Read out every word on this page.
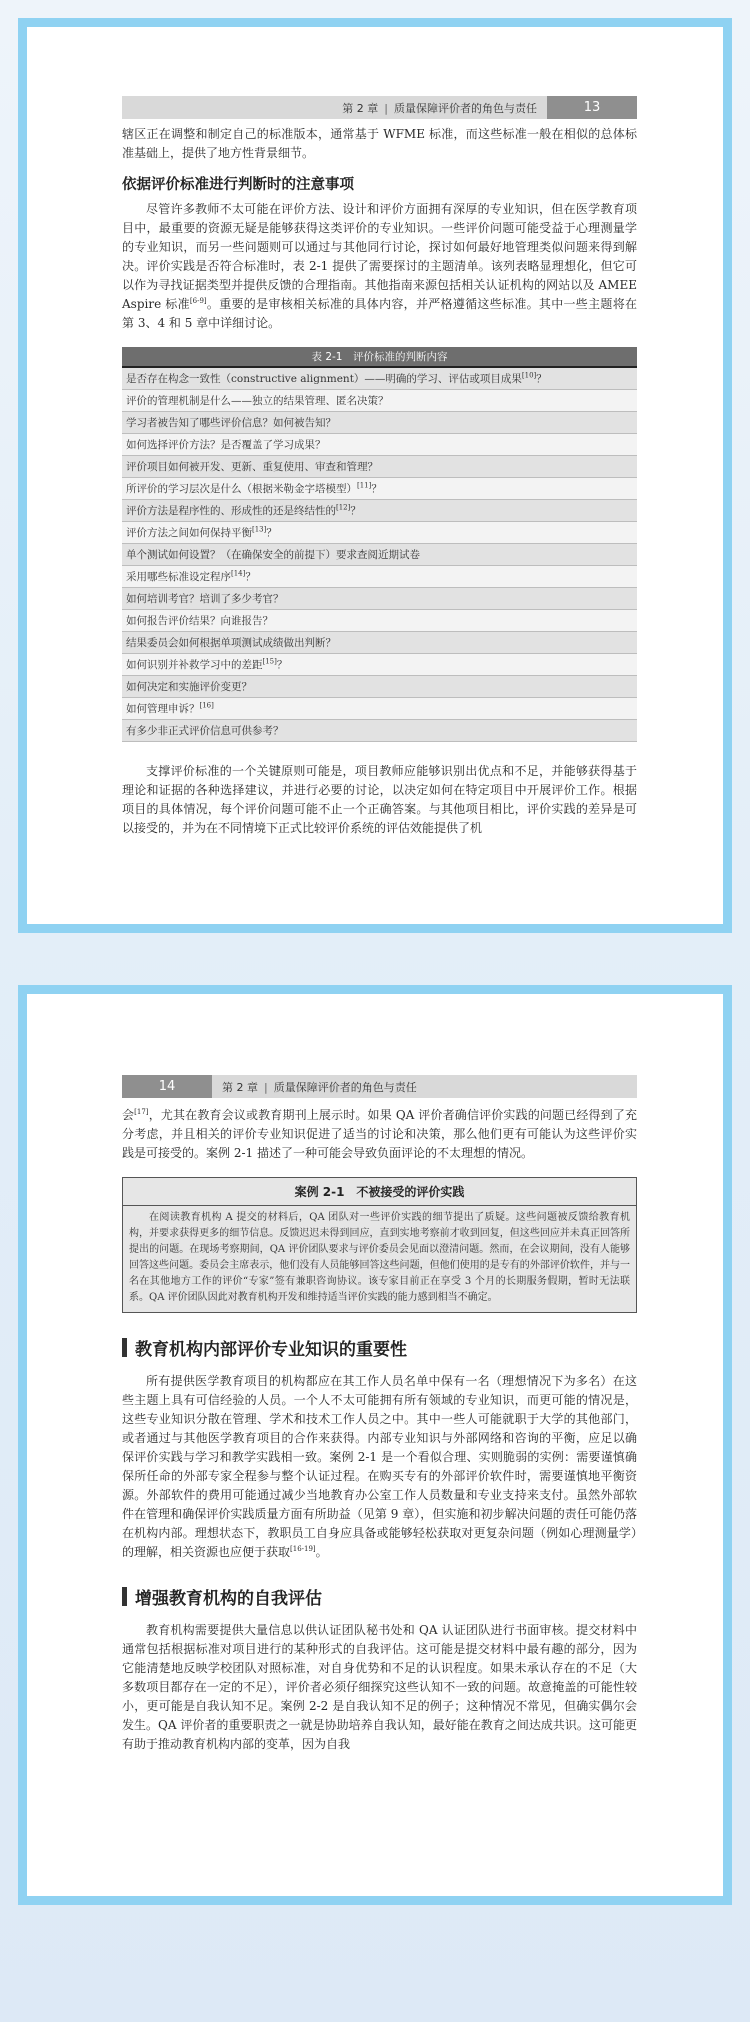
第 2 章 | 质量保障评价者的角色与责任	13

辖区正在调整和制定自己的标准版本，通常基于 WFME 标准，而这些标准一般在相似的总体标准基础上，提供了地方性背景细节。

依据评价标准进行判断时的注意事项

尽管许多教师不太可能在评价方法、设计和评价方面拥有深厚的专业知识，但在医学教育项目中，最重要的资源无疑是能够获得这类评价的专业知识。一些评价问题可能受益于心理测量学的专业知识，而另一些问题则可以通过与其他同行讨论，探讨如何最好地管理类似问题来得到解决。评价实践是否符合标准时，表 2-1 提供了需要探讨的主题清单。该列表略显理想化，但它可以作为寻找证据类型并提供反馈的合理指南。其他指南来源包括相关认证机构的网站以及 AMEE Aspire 标准[6-9]。重要的是审核相关标准的具体内容，并严格遵循这些标准。其中一些主题将在第 3、4 和 5 章中详细讨论。

表 2-1　评价标准的判断内容
是否存在构念一致性（constructive alignment）——明确的学习、评估或项目成果[10]？
评价的管理机制是什么——独立的结果管理、匿名决策？
学习者被告知了哪些评价信息？如何被告知？
如何选择评价方法？是否覆盖了学习成果？
评价项目如何被开发、更新、重复使用、审查和管理？
所评价的学习层次是什么（根据米勒金字塔模型）[11]？
评价方法是程序性的、形成性的还是终结性的[12]？
评价方法之间如何保持平衡[13]？
单个测试如何设置？（在确保安全的前提下）要求查阅近期试卷
采用哪些标准设定程序[14]？
如何培训考官？培训了多少考官？
如何报告评价结果？向谁报告？
结果委员会如何根据单项测试成绩做出判断？
如何识别并补救学习中的差距[15]？
如何决定和实施评价变更？
如何管理申诉？[16]
有多少非正式评价信息可供参考？

支撑评价标准的一个关键原则可能是，项目教师应能够识别出优点和不足，并能够获得基于理论和证据的各种选择建议，并进行必要的讨论，以决定如何在特定项目中开展评价工作。根据项目的具体情况，每个评价问题可能不止一个正确答案。与其他项目相比，评价实践的差异是可以接受的，并为在不同情境下正式比较评价系统的评估效能提供了机

14	第 2 章 | 质量保障评价者的角色与责任

会[17]，尤其在教育会议或教育期刊上展示时。如果 QA 评价者确信评价实践的问题已经得到了充分考虑，并且相关的评价专业知识促进了适当的讨论和决策，那么他们更有可能认为这些评价实践是可接受的。案例 2-1 描述了一种可能会导致负面评论的不太理想的情况。

案例 2-1　不被接受的评价实践
在阅读教育机构 A 提交的材料后，QA 团队对一些评价实践的细节提出了质疑。这些问题被反馈给教育机构，并要求获得更多的细节信息。反馈迟迟未得到回应，直到实地考察前才收到回复，但这些回应并未真正回答所提出的问题。在现场考察期间，QA 评价团队要求与评价委员会见面以澄清问题。然而，在会议期间，没有人能够回答这些问题。委员会主席表示，他们没有人员能够回答这些问题，但他们使用的是专有的外部评价软件，并与一名在其他地方工作的评价“专家”签有兼职咨询协议。该专家目前正在享受 3 个月的长期服务假期，暂时无法联系。QA 评价团队因此对教育机构开发和维持适当评价实践的能力感到相当不确定。
教育机构内部评价专业知识的重要性

所有提供医学教育项目的机构都应在其工作人员名单中保有一名（理想情况下为多名）在这些主题上具有可信经验的人员。一个人不太可能拥有所有领域的专业知识，而更可能的情况是，这些专业知识分散在管理、学术和技术工作人员之中。其中一些人可能就职于大学的其他部门，或者通过与其他医学教育项目的合作来获得。内部专业知识与外部网络和咨询的平衡，应足以确保评价实践与学习和教学实践相一致。案例 2-1 是一个看似合理、实则脆弱的实例：需要谨慎确保所任命的外部专家全程参与整个认证过程。在购买专有的外部评价软件时，需要谨慎地平衡资源。外部软件的费用可能通过减少当地教育办公室工作人员数量和专业支持来支付。虽然外部软件在管理和确保评价实践质量方面有所助益（见第 9 章），但实施和初步解决问题的责任可能仍落在机构内部。理想状态下，教职员工自身应具备或能够轻松获取对更复杂问题（例如心理测量学）的理解，相关资源也应便于获取[16-19]。

增强教育机构的自我评估

教育机构需要提供大量信息以供认证团队秘书处和 QA 认证团队进行书面审核。提交材料中通常包括根据标准对项目进行的某种形式的自我评估。这可能是提交材料中最有趣的部分，因为它能清楚地反映学校团队对照标准，对自身优势和不足的认识程度。如果未承认存在的不足（大多数项目都存在一定的不足），评价者必须仔细探究这些认知不一致的问题。故意掩盖的可能性较小，更可能是自我认知不足。案例 2-2 是自我认知不足的例子；这种情况不常见，但确实偶尔会发生。QA 评价者的重要职责之一就是协助培养自我认知，最好能在教育之间达成共识。这可能更有助于推动教育机构内部的变革，因为自我
